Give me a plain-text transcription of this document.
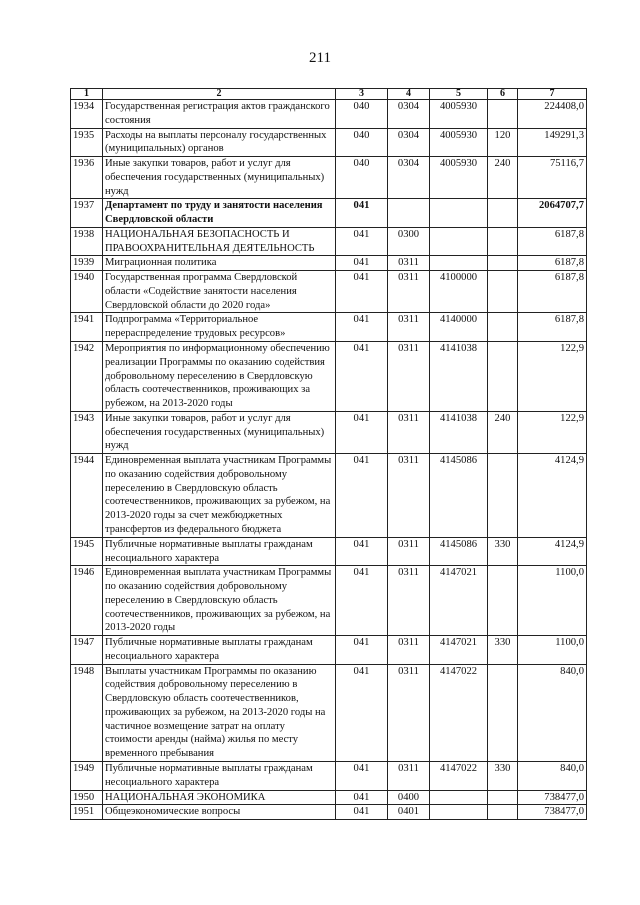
211
1	2	3	4	5	6	7
1934	Государственная регистрация актов гражданского состояния	040	0304	4005930		224408,0
1935	Расходы на выплаты персоналу государственных (муниципальных) органов	040	0304	4005930	120	149291,3
1936	Иные закупки товаров, работ и услуг для обеспечения государственных (муниципальных) нужд	040	0304	4005930	240	75116,7
1937	Департамент по труду и занятости населения Свердловской области	041				2064707,7
1938	НАЦИОНАЛЬНАЯ БЕЗОПАСНОСТЬ И ПРАВООХРАНИТЕЛЬНАЯ ДЕЯТЕЛЬНОСТЬ	041	0300			6187,8
1939	Миграционная политика	041	0311			6187,8
1940	Государственная программа Свердловской области «Содействие занятости населения Свердловской области до 2020 года»	041	0311	4100000		6187,8
1941	Подпрограмма «Территориальное перераспределение трудовых ресурсов»	041	0311	4140000		6187,8
1942	Мероприятия по информационному обеспечению реализации Программы по оказанию содействия добровольному переселению в Свердловскую область соотечественников, проживающих за рубежом, на 2013-2020 годы	041	0311	4141038		122,9
1943	Иные закупки товаров, работ и услуг для обеспечения государственных (муниципальных) нужд	041	0311	4141038	240	122,9
1944	Единовременная выплата участникам Программы по оказанию содействия добровольному переселению в Свердловскую область соотечественников, проживающих за рубежом, на 2013-2020 годы за счет межбюджетных трансфертов из федерального бюджета	041	0311	4145086		4124,9
1945	Публичные нормативные выплаты гражданам несоциального характера	041	0311	4145086	330	4124,9
1946	Единовременная выплата участникам Программы по оказанию содействия добровольному переселению в Свердловскую область соотечественников, проживающих за рубежом, на 2013-2020 годы	041	0311	4147021		1100,0
1947	Публичные нормативные выплаты гражданам несоциального характера	041	0311	4147021	330	1100,0
1948	Выплаты участникам Программы по оказанию содействия добровольному переселению в Свердловскую область соотечественников, проживающих за рубежом, на 2013-2020 годы на частичное возмещение затрат на оплату стоимости аренды (найма) жилья по месту временного пребывания	041	0311	4147022		840,0
1949	Публичные нормативные выплаты гражданам несоциального характера	041	0311	4147022	330	840,0
1950	НАЦИОНАЛЬНАЯ ЭКОНОМИКА	041	0400			738477,0
1951	Общеэкономические вопросы	041	0401			738477,0
